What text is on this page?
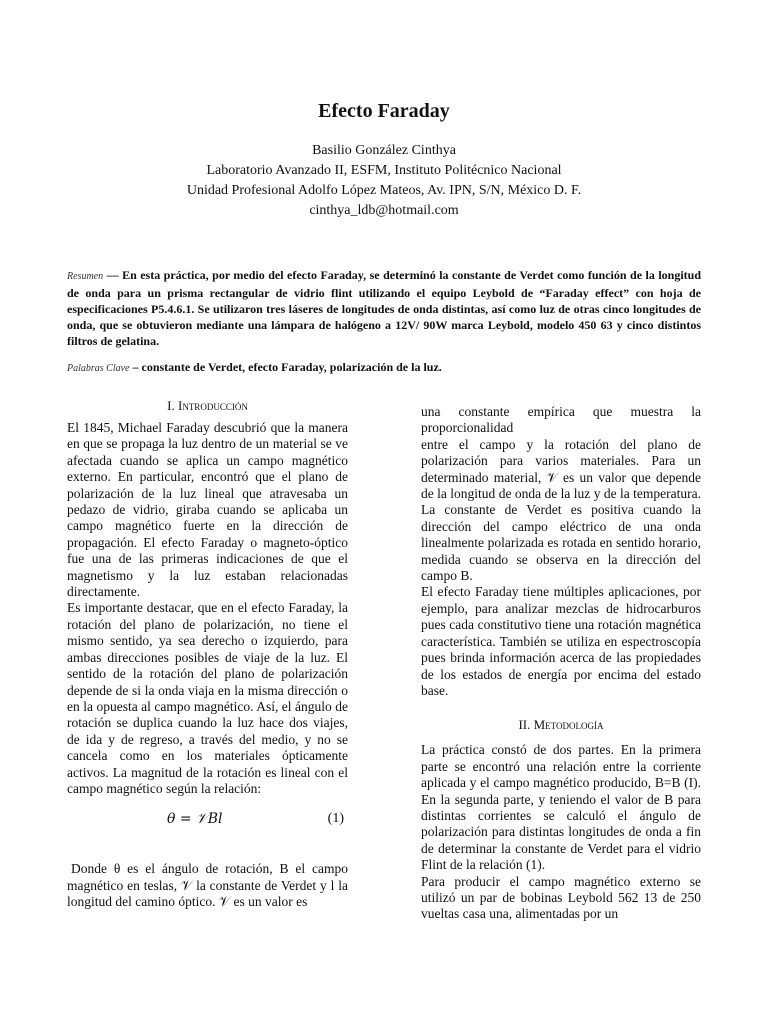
Efecto Faraday
Basilio González Cinthya
Laboratorio Avanzado II, ESFM, Instituto Politécnico Nacional
Unidad Profesional Adolfo López Mateos, Av. IPN, S/N, México D. F.
cinthya_ldb@hotmail.com
Resumen — En esta práctica, por medio del efecto Faraday, se determinó la constante de Verdet como función de la longitud de onda para un prisma rectangular de vidrio flint utilizando el equipo Leybold de “Faraday effect” con hoja de especificaciones P5.4.6.1. Se utilizaron tres láseres de longitudes de onda distintas, así como luz de otras cinco longitudes de onda, que se obtuvieron mediante una lámpara de halógeno a 12V/ 90W marca Leybold, modelo 450 63 y cinco distintos filtros de gelatina.
Palabras Clave – constante de Verdet, efecto Faraday, polarización de la luz.
I. Introducción

El 1845, Michael Faraday descubrió que la manera en que se propaga la luz dentro de un material se ve afectada cuando se aplica un campo magnético externo. En particular, encontró que el plano de polarización de la luz lineal que atravesaba un pedazo de vidrio, giraba cuando se aplicaba un campo magnético fuerte en la dirección de propagación. El efecto Faraday o magneto-óptico fue una de las primeras indicaciones de que el magnetismo y la luz estaban relacionadas directamente.

Es importante destacar, que en el efecto Faraday, la rotación del plano de polarización, no tiene el mismo sentido, ya sea derecho o izquierdo, para ambas direcciones posibles de viaje de la luz. El sentido de la rotación del plano de polarización depende de si la onda viaja en la misma dirección o en la opuesta al campo magnético. Así, el ángulo de rotación se duplica cuando la luz hace dos viajes, de ida y de regreso, a través del medio, y no se cancela como en los materiales ópticamente activos. La magnitud de la rotación es lineal con el campo magnético según la relación:

θ = 𝒱Bl	(1)

Donde θ es el ángulo de rotación, B el campo magnético en teslas, 𝒱 la constante de Verdet y l la longitud del camino óptico. 𝒱 es un valor es

una constante empírica que muestra la proporcionalidad

entre el campo y la rotación del plano de polarización para varios materiales. Para un determinado material, 𝒱 es un valor que depende de la longitud de onda de la luz y de la temperatura. La constante de Verdet es positiva cuando la dirección del campo eléctrico de una onda linealmente polarizada es rotada en sentido horario, medida cuando se observa en la dirección del campo B.

El efecto Faraday tiene múltiples aplicaciones, por ejemplo, para analizar mezclas de hidrocarburos pues cada constitutivo tiene una rotación magnética característica. También se utiliza en espectroscopía pues brinda información acerca de las propiedades de los estados de energía por encima del estado base.

II. Metodología

La práctica constó de dos partes. En la primera parte se encontró una relación entre la corriente aplicada y el campo magnético producido, B=B (I). En la segunda parte, y teniendo el valor de B para distintas corrientes se calculó el ángulo de polarización para distintas longitudes de onda a fin de determinar la constante de Verdet para el vidrio Flint de la relación (1).

Para producir el campo magnético externo se utilizó un par de bobinas Leybold 562 13 de 250 vueltas casa una, alimentadas por un
